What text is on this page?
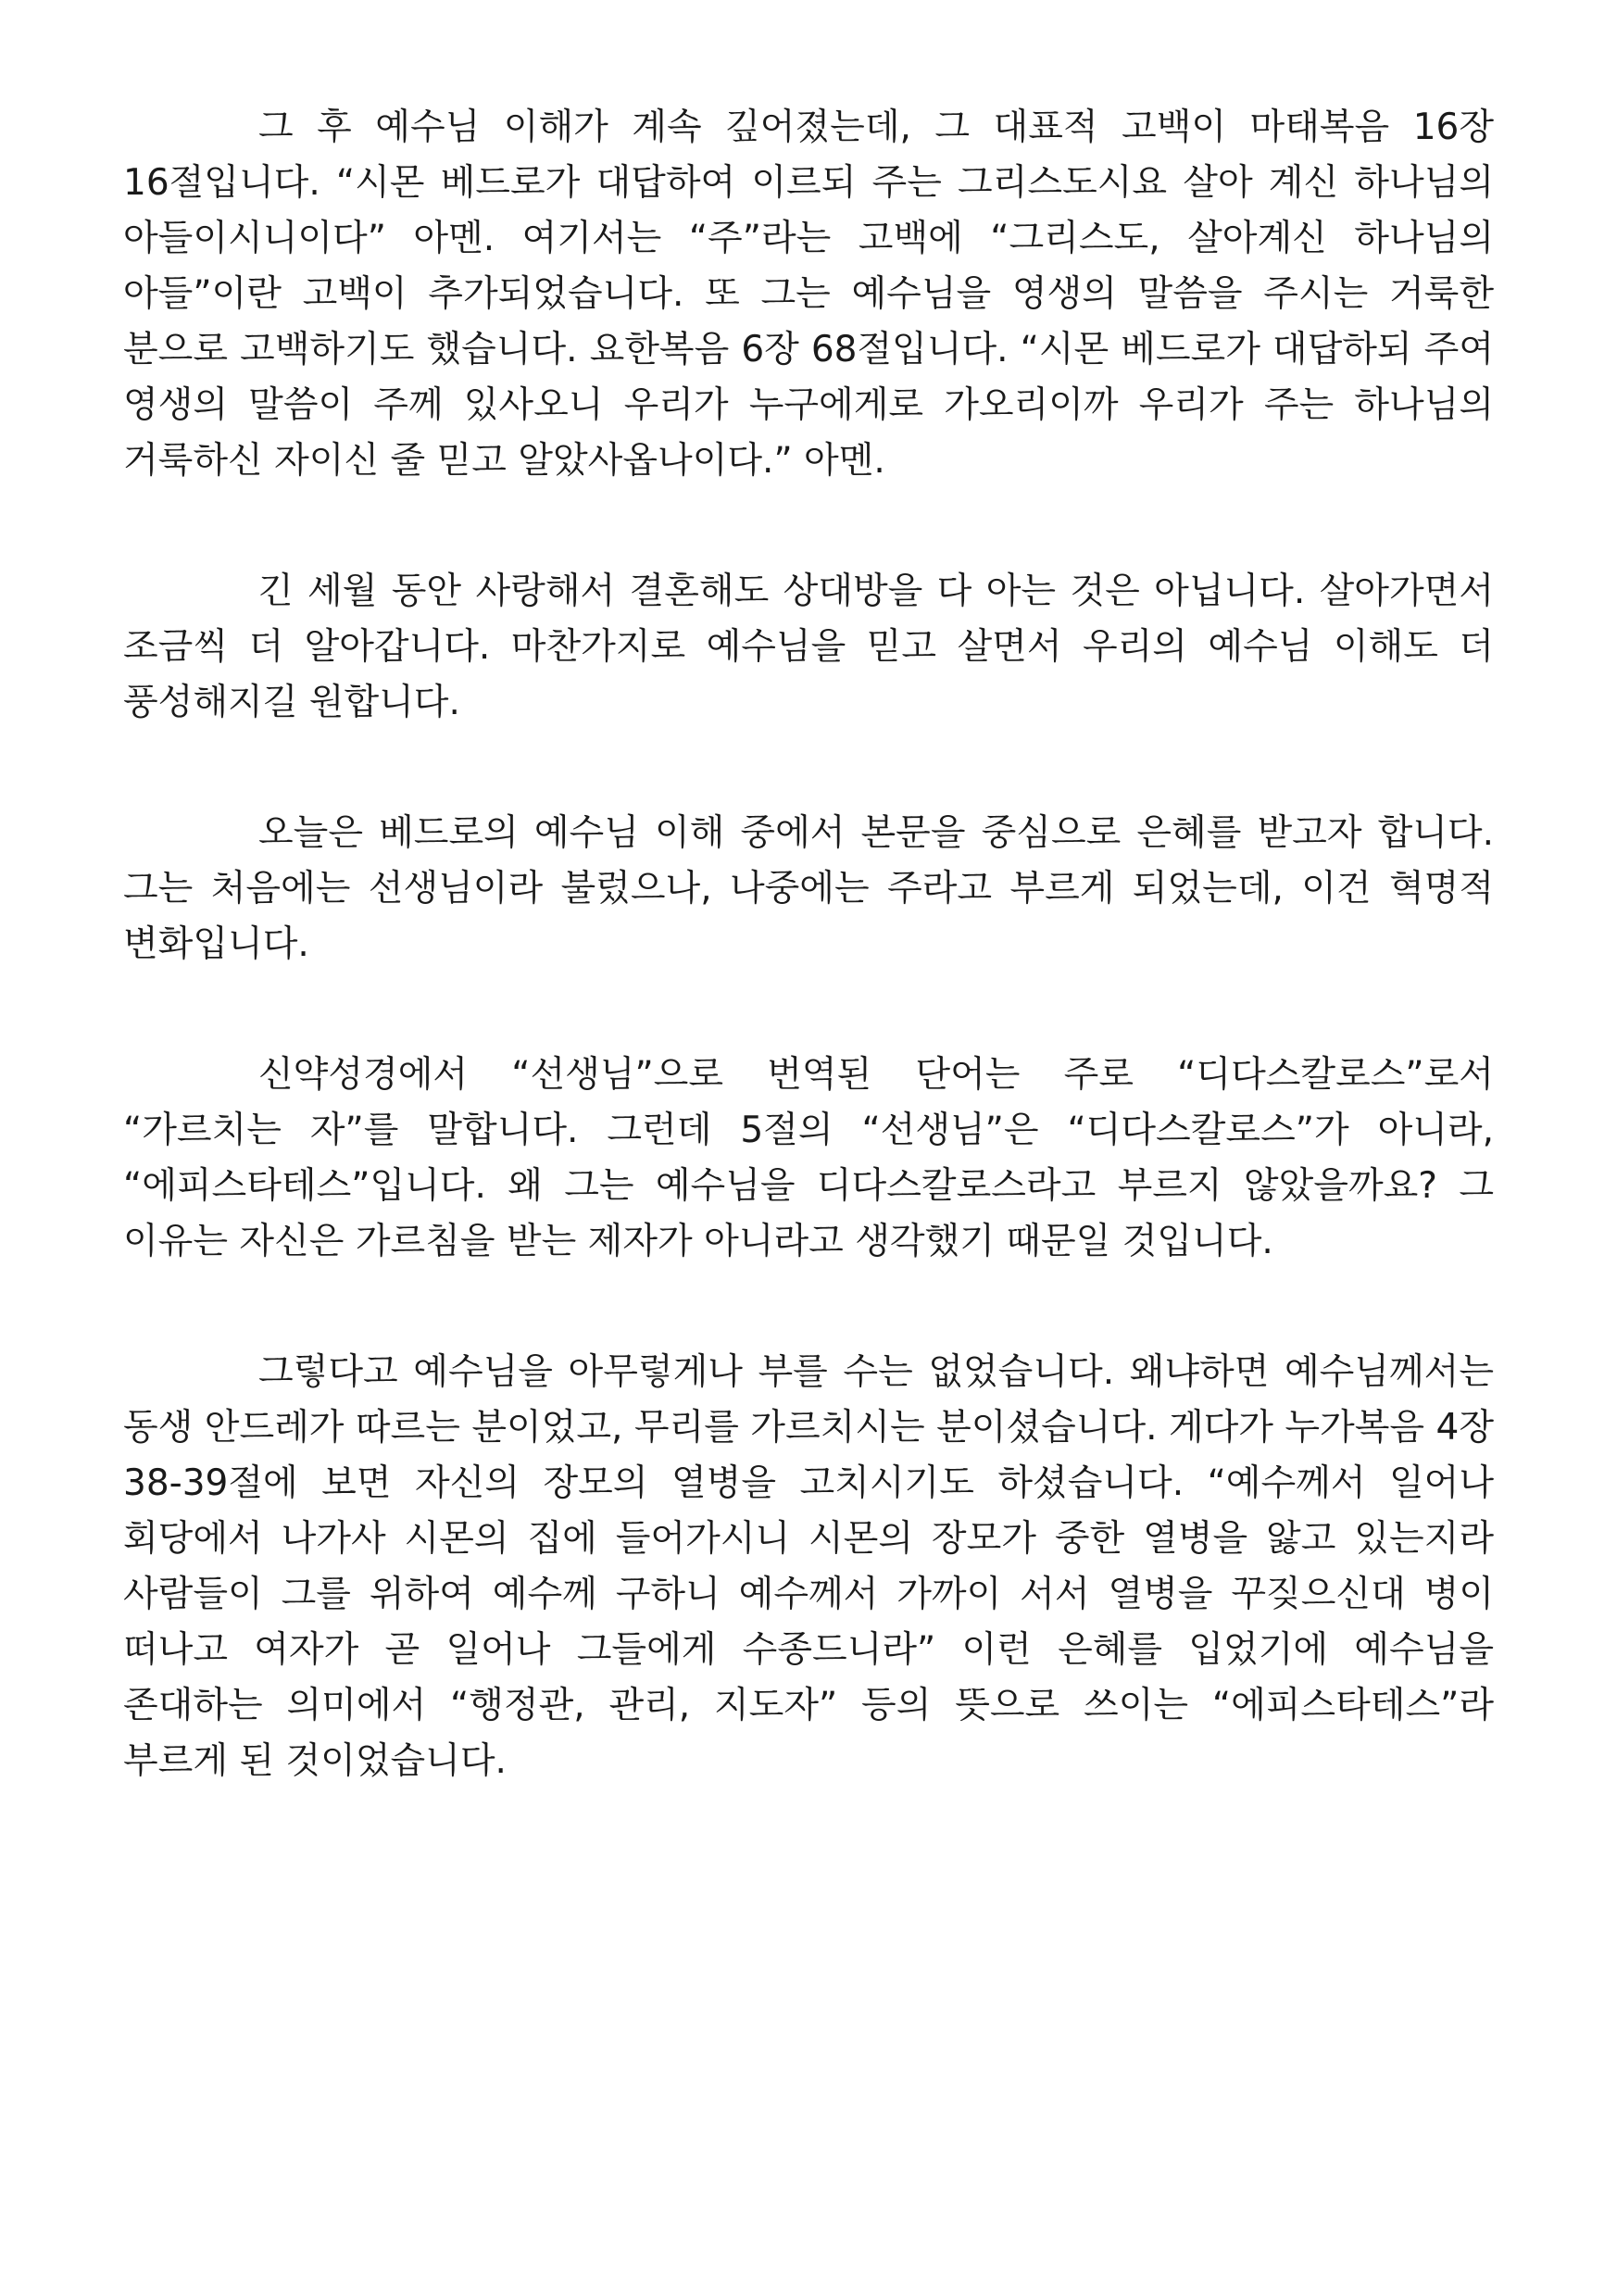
그 후 예수님 이해가 계속 깊어졌는데, 그 대표적 고백이 마태복음 16장 16절입니다. “시몬 베드로가 대답하여 이르되 주는 그리스도시요 살아 계신 하나님의 아들이시니이다” 아멘. 여기서는 “주”라는 고백에 “그리스도, 살아계신 하나님의 아들”이란 고백이 추가되었습니다. 또 그는 예수님을 영생의 말씀을 주시는 거룩한 분으로 고백하기도 했습니다. 요한복음 6장 68절입니다. “시몬 베드로가 대답하되 주여 영생의 말씀이 주께 있사오니 우리가 누구에게로 가오리이까 우리가 주는 하나님의 거룩하신 자이신 줄 믿고 알았사옵나이다.” 아멘.

긴 세월 동안 사랑해서 결혼해도 상대방을 다 아는 것은 아닙니다. 살아가면서 조금씩 더 알아갑니다. 마찬가지로 예수님을 믿고 살면서 우리의 예수님 이해도 더 풍성해지길 원합니다.

오늘은 베드로의 예수님 이해 중에서 본문을 중심으로 은혜를 받고자 합니다. 그는 처음에는 선생님이라 불렀으나, 나중에는 주라고 부르게 되었는데, 이건 혁명적 변화입니다.

신약성경에서 “선생님”으로 번역된 단어는 주로 “디다스칼로스”로서 “가르치는 자”를 말합니다. 그런데 5절의 “선생님”은 “디다스칼로스”가 아니라, “에피스타테스”입니다. 왜 그는 예수님을 디다스칼로스라고 부르지 않았을까요? 그 이유는 자신은 가르침을 받는 제자가 아니라고 생각했기 때문일 것입니다.

그렇다고 예수님을 아무렇게나 부를 수는 없었습니다. 왜냐하면 예수님께서는 동생 안드레가 따르는 분이었고, 무리를 가르치시는 분이셨습니다. 게다가 누가복음 4장 38-39절에 보면 자신의 장모의 열병을 고치시기도 하셨습니다. “예수께서 일어나 회당에서 나가사 시몬의 집에 들어가시니 시몬의 장모가 중한 열병을 앓고 있는지라 사람들이 그를 위하여 예수께 구하니 예수께서 가까이 서서 열병을 꾸짖으신대 병이 떠나고 여자가 곧 일어나 그들에게 수종드니라” 이런 은혜를 입었기에 예수님을 존대하는 의미에서 “행정관, 관리, 지도자” 등의 뜻으로 쓰이는 “에피스타테스”라 부르게 된 것이었습니다.
